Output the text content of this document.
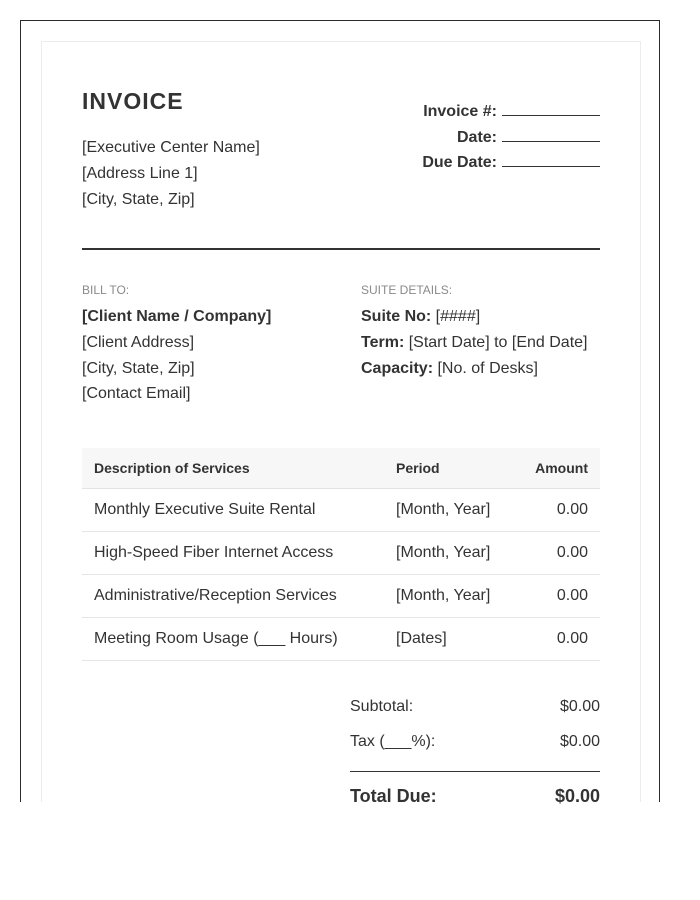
INVOICE
[Executive Center Name]
[Address Line 1]
[City, State, Zip]
Invoice #:
Date:
Due Date:
BILL TO:
[Client Name / Company]
[Client Address]
[City, State, Zip]
[Contact Email]
SUITE DETAILS:
Suite No: [####]
Term: [Start Date] to [End Date]
Capacity: [No. of Desks]
Description of Services	Period	Amount
Monthly Executive Suite Rental	[Month, Year]	0.00
High-Speed Fiber Internet Access	[Month, Year]	0.00
Administrative/Reception Services	[Month, Year]	0.00
Meeting Room Usage (___ Hours)	[Dates]	0.00
Subtotal:	$0.00
Tax (___%):	$0.00
Total Due:	$0.00
